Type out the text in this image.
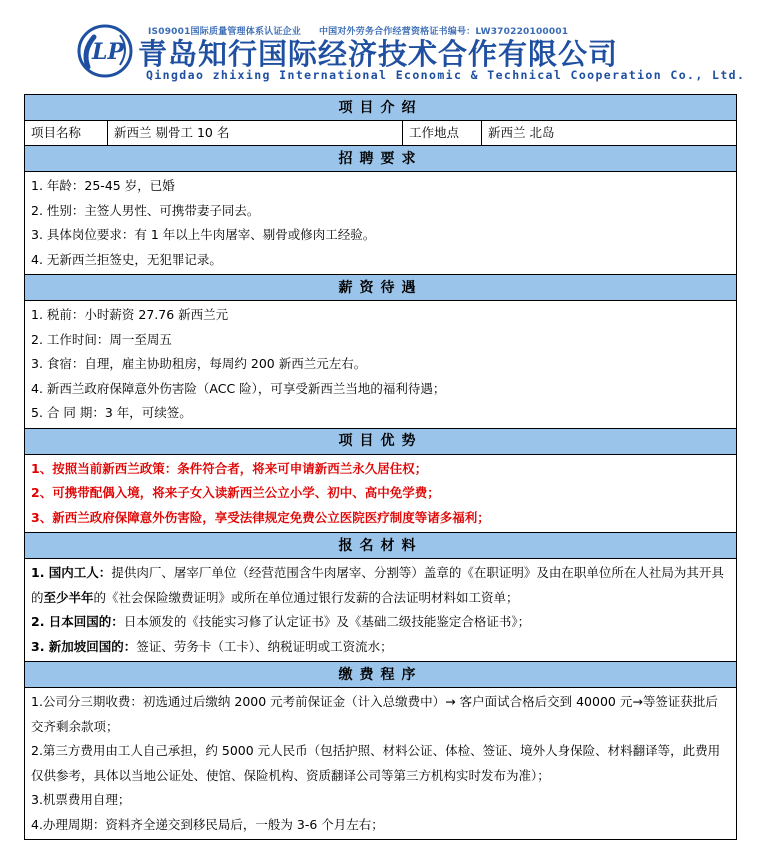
LP
IS09001国际质量管理体系认证企业 中国对外劳务合作经营资格证书编号：LW370220100001
青岛知行国际经济技术合作有限公司
Qingdao zhixing International Economic & Technical Cooperation Co., Ltd.
项目介绍
项目名称	新西兰 剔骨工 10 名	工作地点	新西兰 北岛
招聘要求

1. 年龄：25-45 岁，已婚
2. 性别：主签人男性、可携带妻子同去。
3. 具体岗位要求：有 1 年以上牛肉屠宰、剔骨或修肉工经验。
4. 无新西兰拒签史，无犯罪记录。

薪资待遇

1. 税前：小时薪资 27.76 新西兰元
2. 工作时间：周一至周五
3. 食宿：自理，雇主协助租房，每周约 200 新西兰元左右。
4. 新西兰政府保障意外伤害险（ACC 险），可享受新西兰当地的福利待遇；
5. 合 同 期：3 年，可续签。

项目优势

1、按照当前新西兰政策：条件符合者，将来可申请新西兰永久居住权；
2、可携带配偶入境，将来子女入读新西兰公立小学、初中、高中免学费；
3、新西兰政府保障意外伤害险，享受法律规定免费公立医院医疗制度等诸多福利；

报名材料

1. 国内工人：提供肉厂、屠宰厂单位（经营范围含牛肉屠宰、分割等）盖章的《在职证明》及由在职单位所在人社局为其开具的至少半年的《社会保险缴费证明》或所在单位通过银行发薪的合法证明材料如工资单；
2. 日本回国的：日本颁发的《技能实习修了认定证书》及《基础二级技能鉴定合格证书》；
3. 新加坡回国的：签证、劳务卡（工卡）、纳税证明或工资流水；

缴费程序

1.公司分三期收费：初选通过后缴纳 2000 元考前保证金（计入总缴费中）→ 客户面试合格后交到 40000 元→等签证获批后交齐剩余款项；
2.第三方费用由工人自己承担，约 5000 元人民币（包括护照、材料公证、体检、签证、境外人身保险、材料翻译等，此费用仅供参考，具体以当地公证处、使馆、保险机构、资质翻译公司等第三方机构实时发布为准）；
3.机票费用自理；
4.办理周期：资料齐全递交到移民局后，一般为 3-6 个月左右；
